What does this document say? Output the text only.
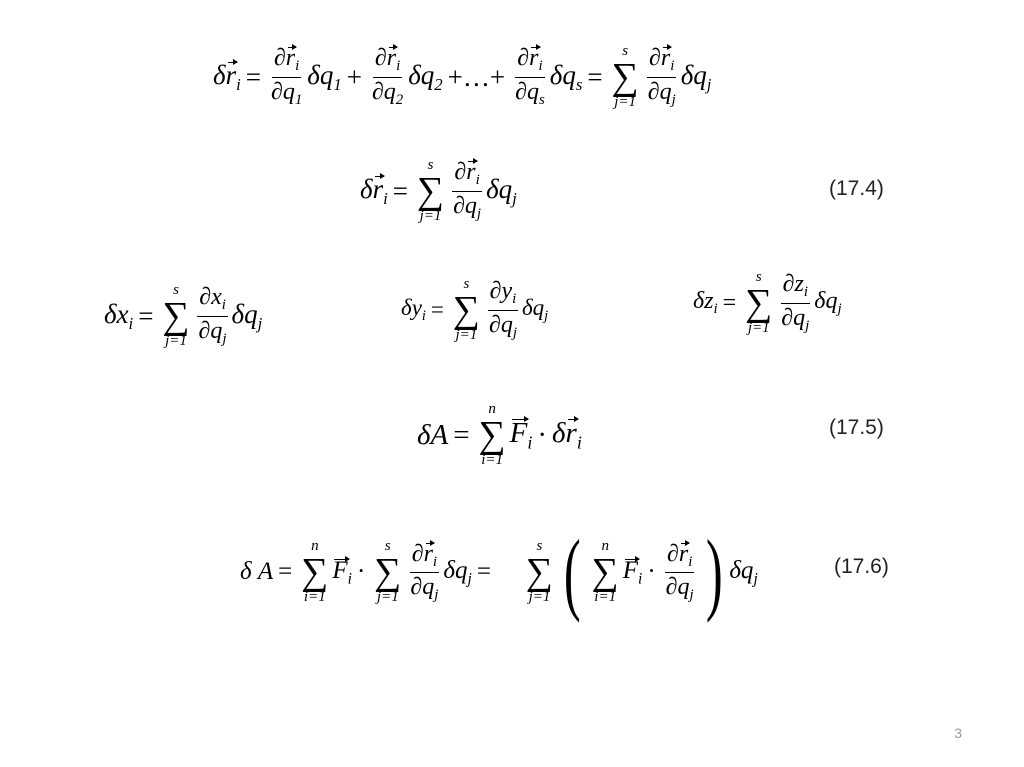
$\delta r_i = \frac{\partial r_i}{\partial q_1} \delta q_1 + \frac{\partial r_i}{\partial q_2} \delta q_2$ +…+ $\frac{\partial r_i}{\partial q_s} \delta q_s$ =
s
∑
$j=1 \frac{\partial r_i}{\partial q_j} \delta q_j$
$\delta r_i$ =
s
∑
$j=1 \frac{\partial r_i}{\partial q_j} \delta q_j$	(17.4)
$\delta x_i$ =
s
∑
$j=1 \frac{\partial x_i}{\partial q_j} \delta q_j$
$\delta y_i$ =
s
∑
$j=1 \frac{\partial y_i}{\partial q_j} \delta q_j$
$\delta z_i$ =
s
∑
$j=1 \frac{\partial z_i}{\partial q_j} \delta q_j$
δA =
n
∑
i=1
$F_i \cdot \delta r_i$
(17.5)
δ A =
n
∑
i=1
$F_i$ ·
s
∑
$j=1 \frac{\partial r_i}{\partial q_j} \delta q_j$ =
s
∑
j=1 ( n
∑
i=1
$F_i \cdot \frac{\partial r_i}{\partial q_j}$ ) $\delta q_j$
(17.6)
3
